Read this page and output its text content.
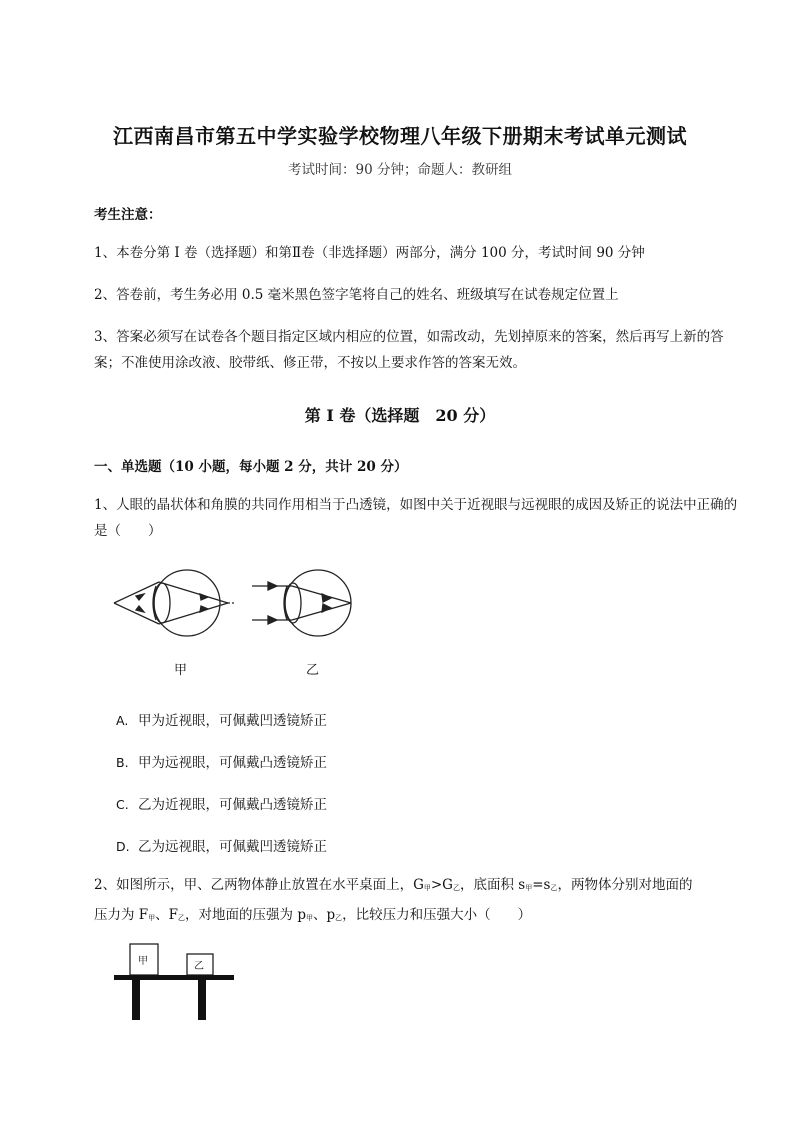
江西南昌市第五中学实验学校物理八年级下册期末考试单元测试
考试时间：90 分钟；命题人：教研组
考生注意：
1、本卷分第 I 卷（选择题）和第Ⅱ卷（非选择题）两部分，满分 100 分，考试时间 90 分钟
2、答卷前，考生务必用 0.5 毫米黑色签字笔将自己的姓名、班级填写在试卷规定位置上
3、答案必须写在试卷各个题目指定区域内相应的位置，如需改动，先划掉原来的答案，然后再写上新的答案；不准使用涂改液、胶带纸、修正带，不按以上要求作答的答案无效。
第 I 卷（选择题　20 分）
一、单选题（10 小题，每小题 2 分，共计 20 分）
1、人眼的晶状体和角膜的共同作用相当于凸透镜，如图中关于近视眼与远视眼的成因及矫正的说法中正确的是（　　）
甲	乙
A. 甲为近视眼，可佩戴凹透镜矫正
B. 甲为远视眼，可佩戴凸透镜矫正
C. 乙为近视眼，可佩戴凸透镜矫正
D. 乙为远视眼，可佩戴凹透镜矫正
2、如图所示，甲、乙两物体静止放置在水平桌面上，$G_甲>G_乙$，底面积 $s_甲=s_乙$，两物体分别对地面的
压力为 $F_甲$、$F_乙$，对地面的压强为 $p_甲$、$p_乙$，比较压力和压强大小（　　）
甲	乙
